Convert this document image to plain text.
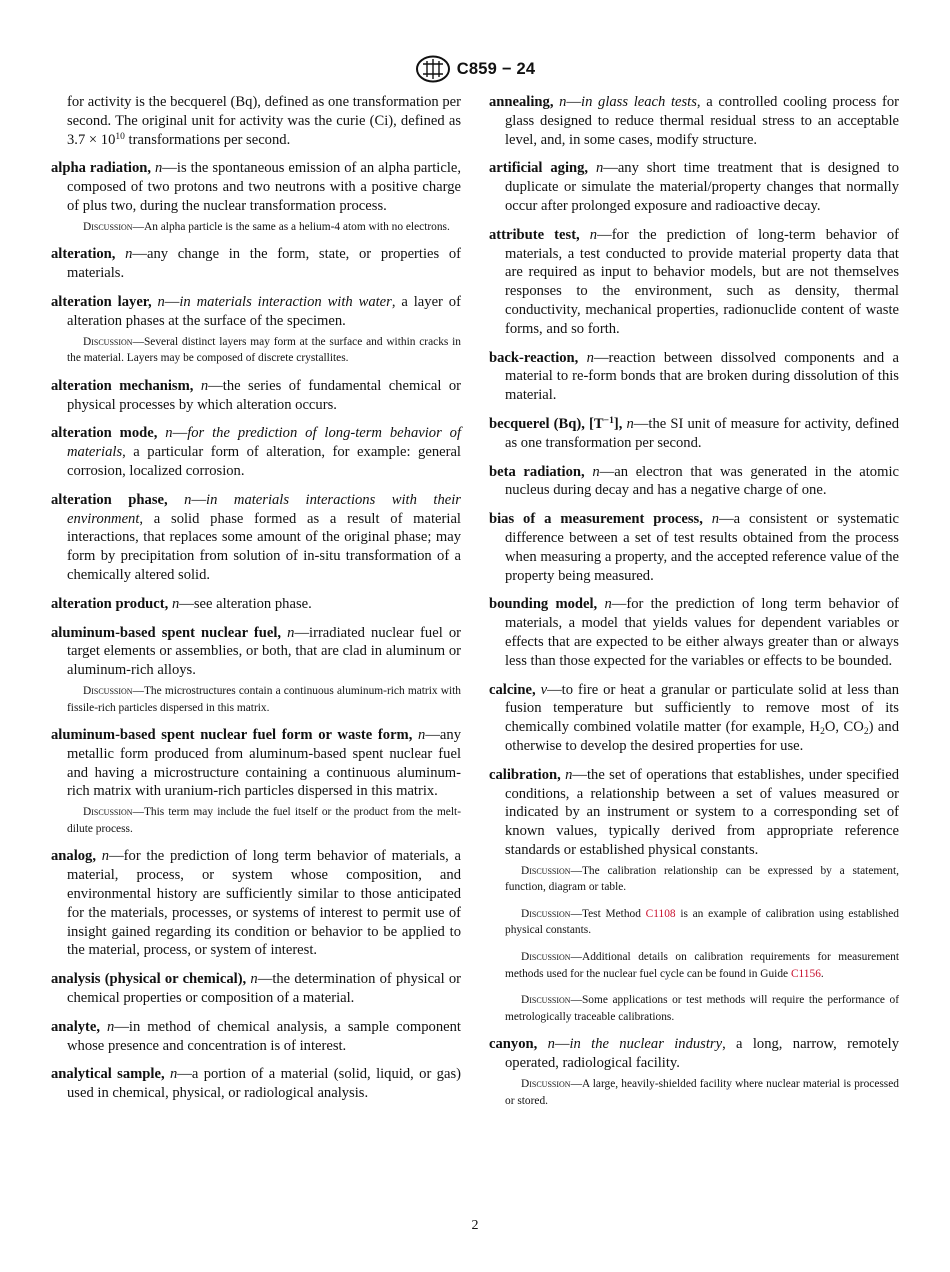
C859 − 24

for activity is the becquerel (Bq), defined as one transformation per second. The original unit for activity was the curie (Ci), defined as $3.7 \times 10^{10}$ transformations per second.

alpha radiation, n—is the spontaneous emission of an alpha particle, composed of two protons and two neutrons with a positive charge of plus two, during the nuclear transformation process.

Discussion—An alpha particle is the same as a helium-4 atom with no electrons.

alteration, n—any change in the form, state, or properties of materials.

alteration layer, n—in materials interaction with water, a layer of alteration phases at the surface of the specimen.

Discussion—Several distinct layers may form at the surface and within cracks in the material. Layers may be composed of discrete crystallites.

alteration mechanism, n—the series of fundamental chemical or physical processes by which alteration occurs.

alteration mode, n—for the prediction of long-term behavior of materials, a particular form of alteration, for example: general corrosion, localized corrosion.

alteration phase, n—in materials interactions with their environment, a solid phase formed as a result of material interactions, that replaces some amount of the original phase; may form by precipitation from solution of in-situ transformation of a chemically altered solid.

alteration product, n—see alteration phase.

aluminum-based spent nuclear fuel, n—irradiated nuclear fuel or target elements or assemblies, or both, that are clad in aluminum or aluminum-rich alloys.

Discussion—The microstructures contain a continuous aluminum-rich matrix with fissile-rich particles dispersed in this matrix.

aluminum-based spent nuclear fuel form or waste form, n—any metallic form produced from aluminum-based spent nuclear fuel and having a microstructure containing a continuous aluminum-rich matrix with uranium-rich particles dispersed in this matrix.

Discussion—This term may include the fuel itself or the product from the melt-dilute process.

analog, n—for the prediction of long term behavior of materials, a material, process, or system whose composition, and environmental history are sufficiently similar to those anticipated for the materials, processes, or systems of interest to permit use of insight gained regarding its condition or behavior to be applied to the material, process, or system of interest.

analysis (physical or chemical), n—the determination of physical or chemical properties or composition of a material.

analyte, n—in method of chemical analysis, a sample component whose presence and concentration is of interest.

analytical sample, n—a portion of a material (solid, liquid, or gas) used in chemical, physical, or radiological analysis.

annealing, n—in glass leach tests, a controlled cooling process for glass designed to reduce thermal residual stress to an acceptable level, and, in some cases, modify structure.

artificial aging, n—any short time treatment that is designed to duplicate or simulate the material/property changes that normally occur after prolonged exposure and radioactive decay.

attribute test, n—for the prediction of long-term behavior of materials, a test conducted to provide material property data that are required as input to behavior models, but are not themselves responses to the environment, such as density, thermal conductivity, mechanical properties, radionuclide content of waste forms, and so forth.

back-reaction, n—reaction between dissolved components and a material to re-form bonds that are broken during dissolution of this material.

becquerel (Bq), $[T^{-1}]$, n—the SI unit of measure for activity, defined as one transformation per second.

beta radiation, n—an electron that was generated in the atomic nucleus during decay and has a negative charge of one.

bias of a measurement process, n—a consistent or systematic difference between a set of test results obtained from the process when measuring a property, and the accepted reference value of the property being measured.

bounding model, n—for the prediction of long term behavior of materials, a model that yields values for dependent variables or effects that are expected to be either always greater than or always less than those expected for the variables or effects to be bounded.

calcine, v—to fire or heat a granular or particulate solid at less than fusion temperature but sufficiently to remove most of its chemically combined volatile matter (for example, $H_2O$, $CO_2$) and otherwise to develop the desired properties for use.

calibration, n—the set of operations that establishes, under specified conditions, a relationship between a set of values measured or indicated by an instrument or system to a corresponding set of known values, typically derived from appropriate reference standards or established physical constants.

Discussion—The calibration relationship can be expressed by a statement, function, diagram or table.

Discussion—Test Method C1108 is an example of calibration using established physical constants.

Discussion—Additional details on calibration requirements for measurement methods used for the nuclear fuel cycle can be found in Guide C1156.

Discussion—Some applications or test methods will require the performance of metrologically traceable calibrations.

canyon, n—in the nuclear industry, a long, narrow, remotely operated, radiological facility.

Discussion—A large, heavily-shielded facility where nuclear material is processed or stored.

2
